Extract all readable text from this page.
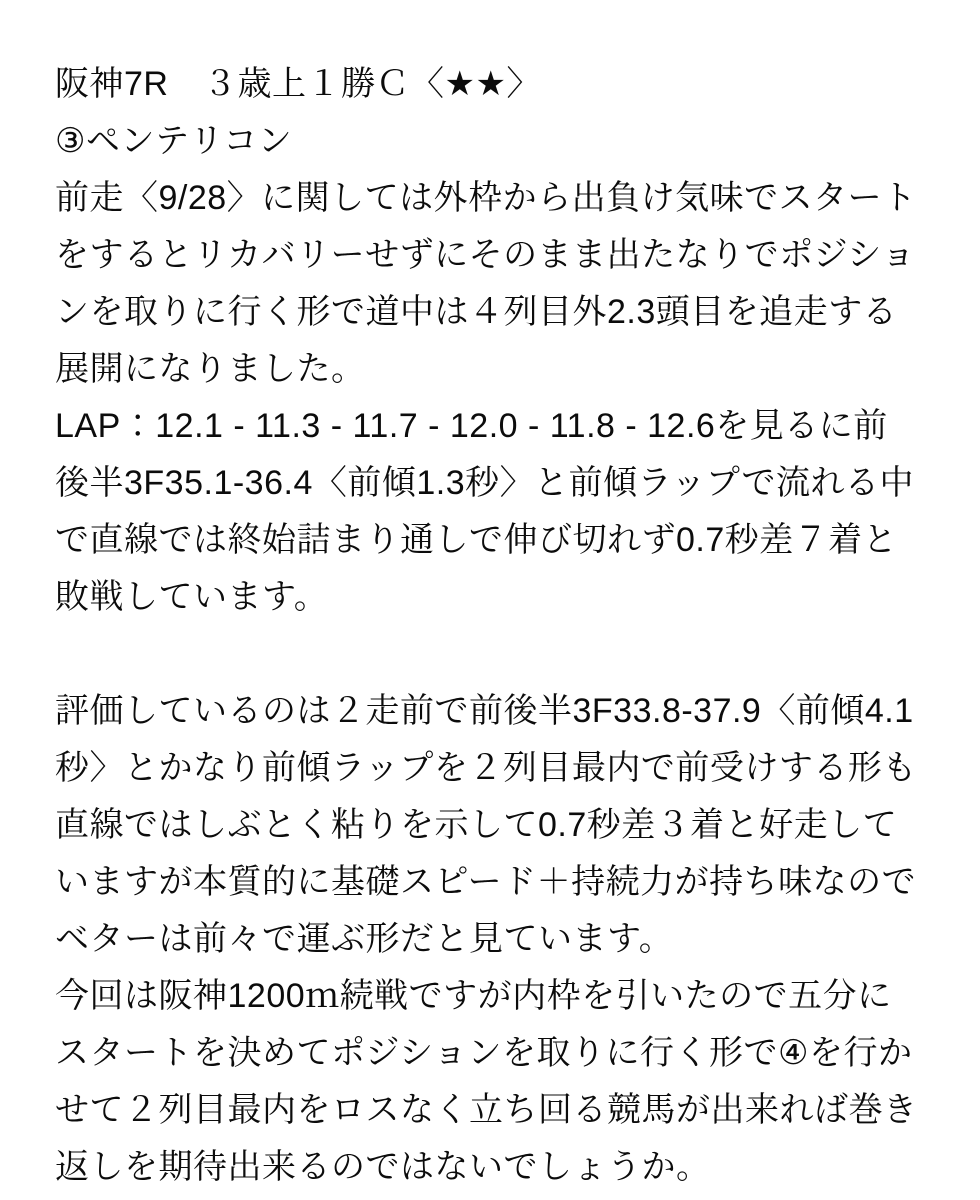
阪神7R　３歳上１勝Ｃ〈★★〉
③ペンテリコン
前走〈9/28〉に関しては外枠から出負け気味でスタート
をするとリカバリーせずにそのまま出たなりでポジショ
ンを取りに行く形で道中は４列目外2.3頭目を追走する
展開になりました。
LAP：12.1 - 11.3 - 11.7 - 12.0 - 11.8 - 12.6を見るに前
後半3F35.1-36.4〈前傾1.3秒〉と前傾ラップで流れる中
で直線では終始詰まり通しで伸び切れず0.7秒差７着と
敗戦しています。
評価しているのは２走前で前後半3F33.8-37.9〈前傾4.1
秒〉とかなり前傾ラップを２列目最内で前受けする形も
直線ではしぶとく粘りを示して0.7秒差３着と好走して
いますが本質的に基礎スピード＋持続力が持ち味なので
ベターは前々で運ぶ形だと見ています。
今回は阪神1200ｍ続戦ですが内枠を引いたので五分に
スタートを決めてポジションを取りに行く形で④を行か
せて２列目最内をロスなく立ち回る競馬が出来れば巻き
返しを期待出来るのではないでしょうか。
